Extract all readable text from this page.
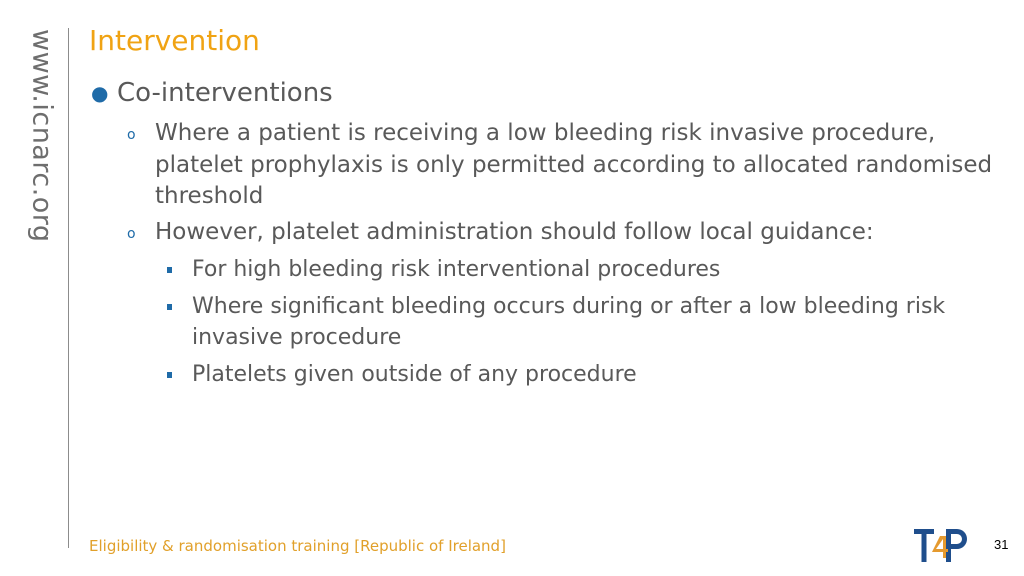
www.icnarc.org Intervention
● Co-interventions
o Where a patient is receiving a low bleeding risk invasive procedure, platelet prophylaxis is only permitted according to allocated randomised threshold
o However, platelet administration should follow local guidance:
For high bleeding risk interventional procedures
Where significant bleeding occurs during or after a low bleeding risk invasive procedure
Platelets given outside of any procedure
Eligibility & randomisation training [Republic of Ireland]	31
